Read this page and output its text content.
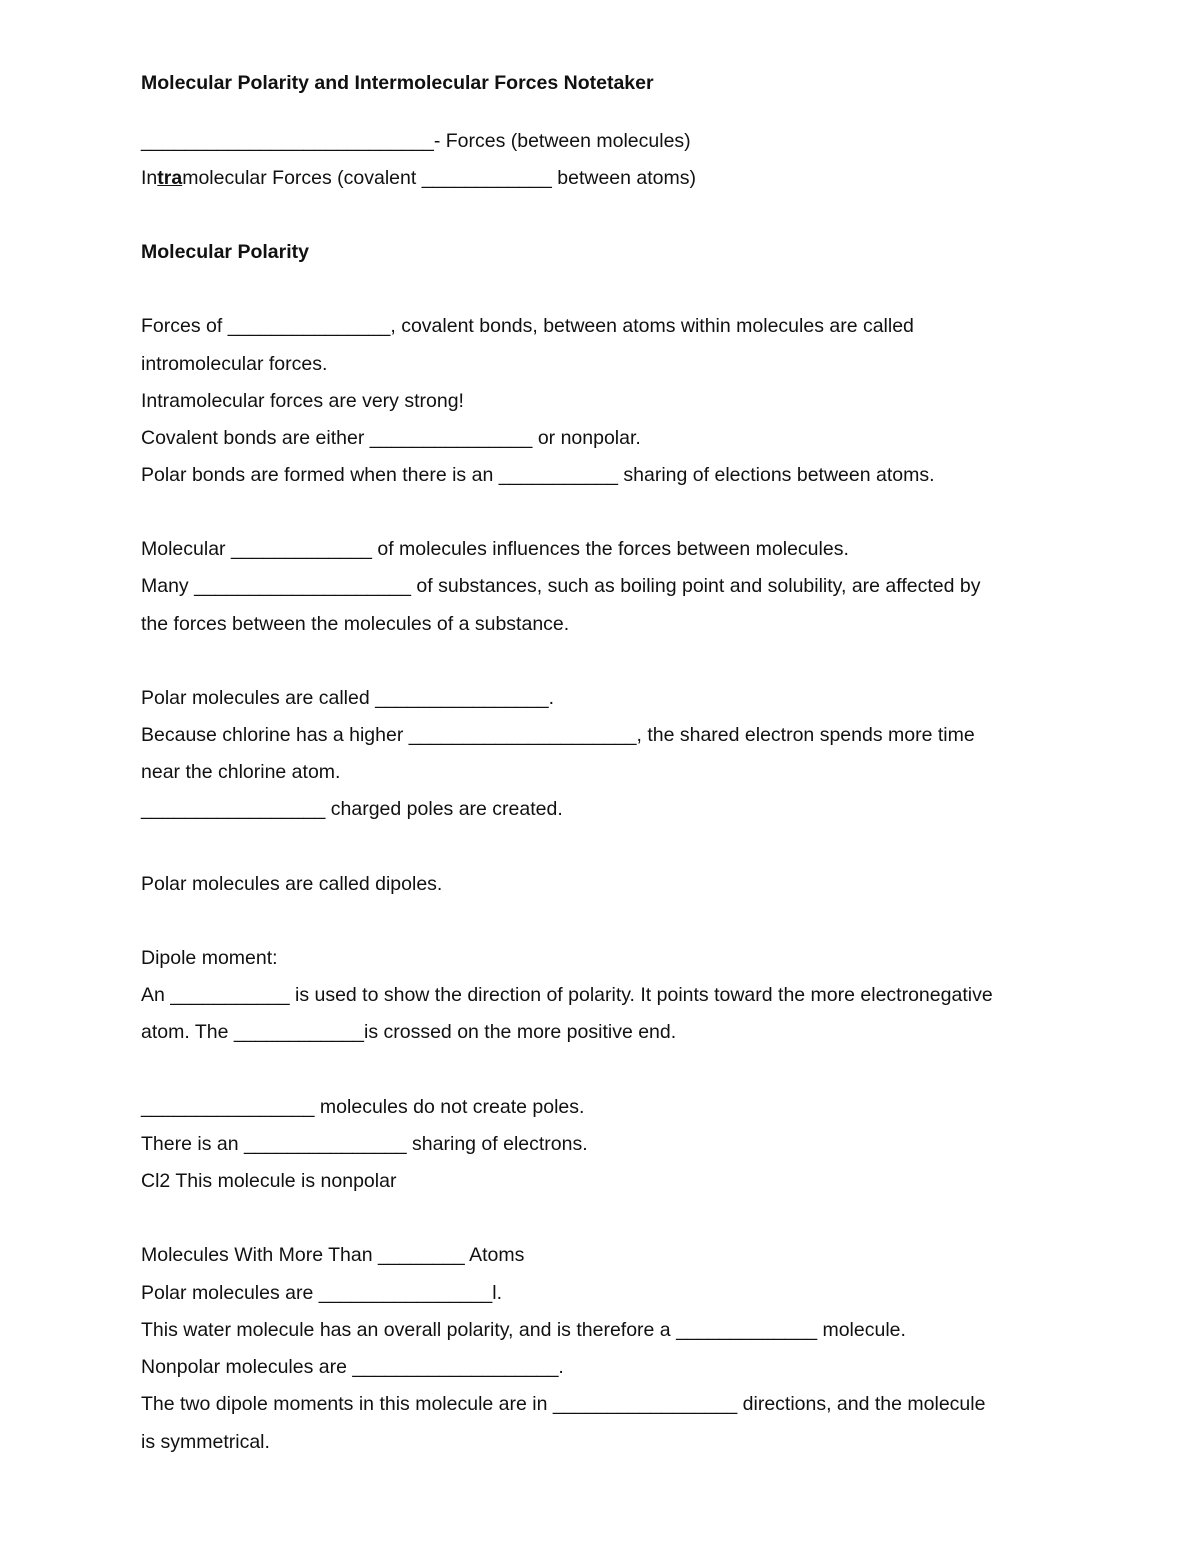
Molecular Polarity and Intermolecular Forces Notetaker

___________________________- Forces (between molecules)

Intramolecular Forces (covalent ____________ between atoms)

Molecular Polarity

Forces of _______________, covalent bonds, between atoms within molecules are called

intromolecular forces.

Intramolecular forces are very strong!

Covalent bonds are either _______________ or nonpolar.

Polar bonds are formed when there is an ___________ sharing of elections between atoms.

Molecular _____________ of molecules influences the forces between molecules.

Many ____________________ of substances, such as boiling point and solubility, are affected by

the forces between the molecules of a substance.

Polar molecules are called ________________.

Because chlorine has a higher _____________________, the shared electron spends more time

near the chlorine atom.

_________________ charged poles are created.

Polar molecules are called dipoles.

Dipole moment:

An ___________ is used to show the direction of polarity. It points toward the more electronegative

atom. The ____________is crossed on the more positive end.

________________ molecules do not create poles.

There is an _______________ sharing of electrons.

Cl2 This molecule is nonpolar

Molecules With More Than ________ Atoms

Polar molecules are ________________l.

This water molecule has an overall polarity, and is therefore a _____________ molecule.

Nonpolar molecules are ___________________.

The two dipole moments in this molecule are in _________________ directions, and the molecule

is symmetrical.
